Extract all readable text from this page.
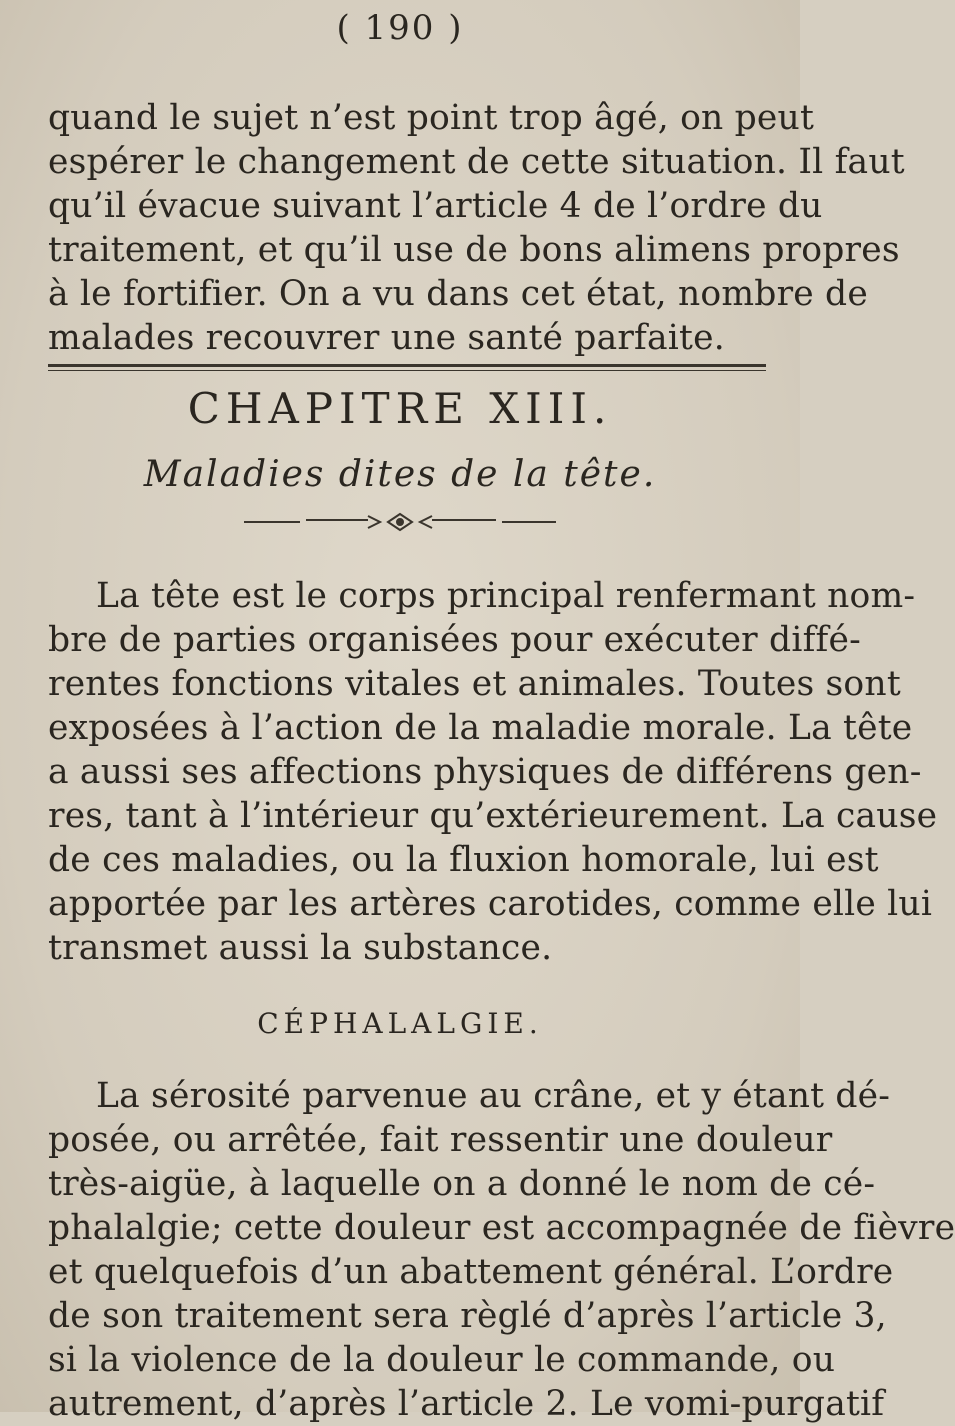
( 190 )
quand le sujet n’est point trop âgé, on peut
espérer le changement de cette situation. Il faut
qu’il évacue suivant l’article 4 de l’ordre du
traitement, et qu’il use de bons alimens propres
à le fortifier. On a vu dans cet état, nombre de
malades recouvrer une santé parfaite.
CHAPITRE XIII.
Maladies dites de la tête.
La tête est le corps principal renfermant nom-
bre de parties organisées pour exécuter diffé-
rentes fonctions vitales et animales. Toutes sont
exposées à l’action de la maladie morale. La tête
a aussi ses affections physiques de différens gen-
res, tant à l’intérieur qu’extérieurement. La cause
de ces maladies, ou la fluxion homorale, lui est
apportée par les artères carotides, comme elle lui
transmet aussi la substance.
CÉPHALALGIE.
La sérosité parvenue au crâne, et y étant dé-
posée, ou arrêtée, fait ressentir une douleur
très-aigüe, à laquelle on a donné le nom de cé-
phalalgie; cette douleur est accompagnée de fièvre
et quelquefois d’un abattement général. L’ordre
de son traitement sera règlé d’après l’article 3,
si la violence de la douleur le commande, ou
autrement, d’après l’article 2. Le vomi-purgatif
